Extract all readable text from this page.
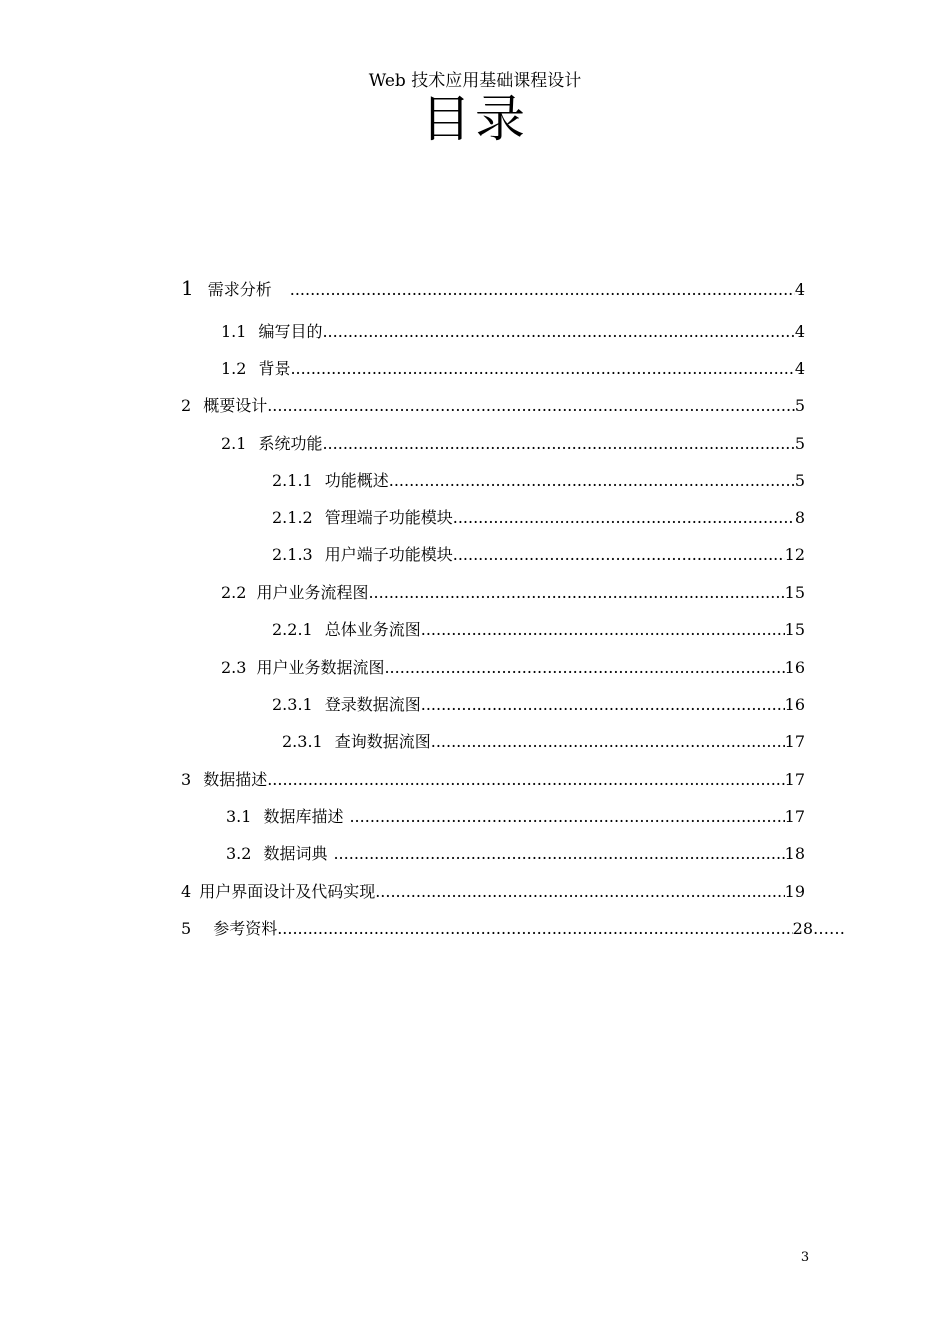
Web 技术应用基础课程设计
目录
1 需求分析 .....	4
1.1 编写目的 .....	4
1.2 背景 .....	4
2 概要设计 .....	5
2.1 系统功能 .....	5
2.1.1 功能概述 .....	5
2.1.2 管理端子功能模块 .....	8
2.1.3 用户端子功能模块 .....	12
2.2 用户业务流程图 .....	15
2.2.1 总体业务流图 .....	15
2.3 用户业务数据流图 .....	16
2.3.1 登录数据流图 .....	16
2.3.1 查询数据流图 .....	17
3 数据描述 .....	17
3.1 数据库描述 .....	17
3.2 数据词典 .....	18
4 用户界面设计及代码实现 .....	19
5 参考资料 .....	28 ……
3
